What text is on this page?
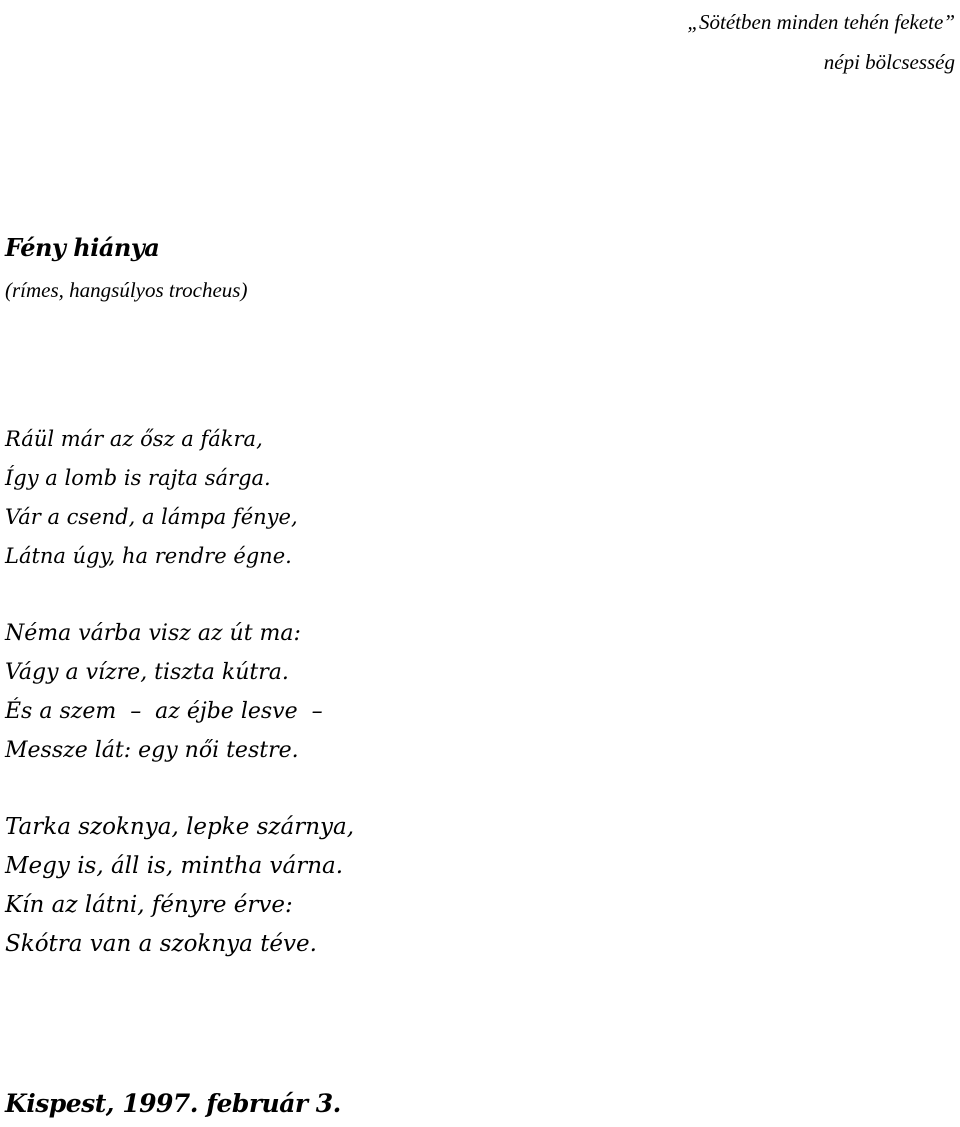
„Sötétben minden tehén fekete”
népi bölcsesség
Fény hiánya
(rímes, hangsúlyos trocheus)
Ráül már az ősz a fákra,
Így a lomb is rajta sárga.
Vár a csend, a lámpa fénye,
Látna úgy, ha rendre égne.
Néma várba visz az út ma:
Vágy a vízre, tiszta kútra.
És a szem  –  az éjbe lesve  –
Messze lát: egy női testre.
Tarka szoknya, lepke szárnya,
Megy is, áll is, mintha várna.
Kín az látni, fényre érve:
Skótra van a szoknya téve.
Kispest, 1997. február 3.
